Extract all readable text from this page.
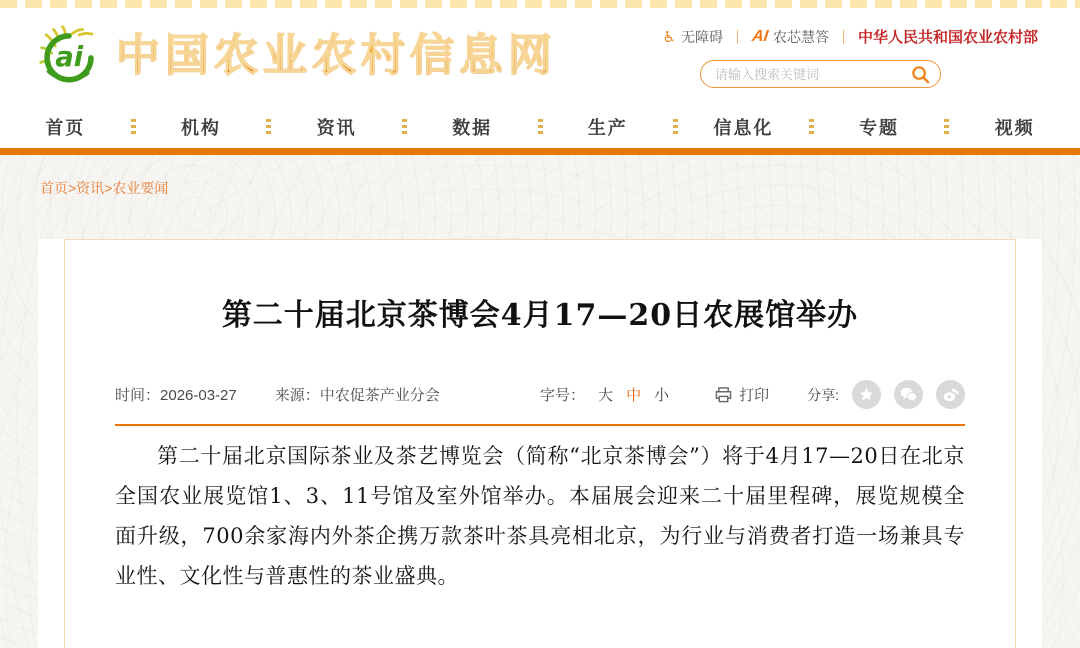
ai 中国农业农村信息网	♿ 无障碍 AI 农芯慧答 中华人民共和国农业农村部
请输入搜索关键词
首页	机构	资讯	数据	生产	信息化	专题	视频
首页>资讯>农业要闻
第二十届北京茶博会4月17—20日农展馆举办
时间：2026-03-27	来源：中农促茶产业分会	字号： 大 中 小	打印	分享:

第二十届北京国际茶业及茶艺博览会（简称“北京茶博会”）将于4月17—20日在北京全国农业展览馆1、3、11号馆及室外馆举办。本届展会迎来二十届里程碑，展览规模全面升级，700余家海内外茶企携万款茶叶茶具亮相北京，为行业与消费者打造一场兼具专业性、文化性与普惠性的茶业盛典。
